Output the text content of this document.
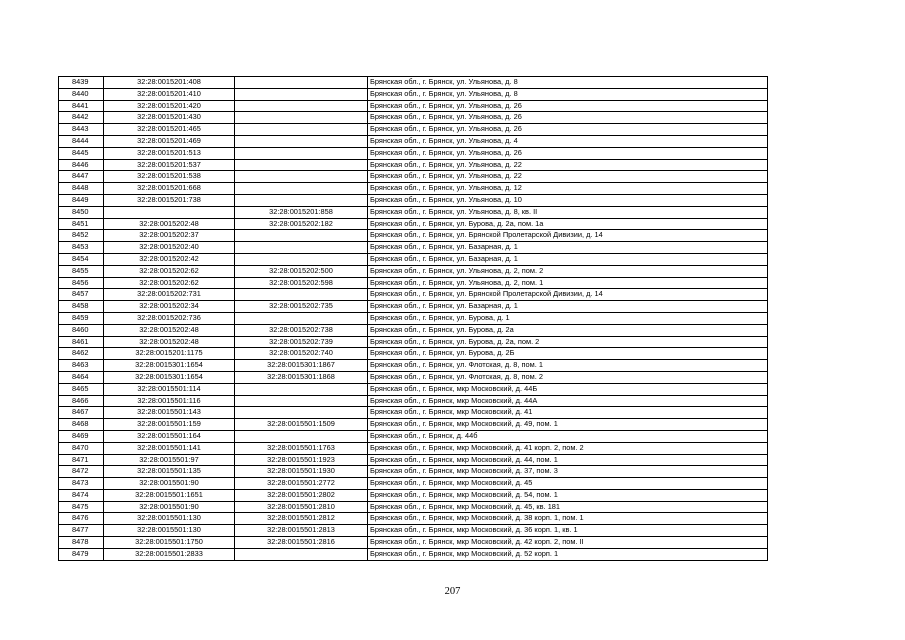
8439	32:28:0015201:408		Брянская обл., г. Брянск, ул. Ульянова, д. 8
8440	32:28:0015201:410		Брянская обл., г. Брянск, ул. Ульянова, д. 8
8441	32:28:0015201:420		Брянская обл., г. Брянск, ул. Ульянова, д. 26
8442	32:28:0015201:430		Брянская обл., г. Брянск, ул. Ульянова, д. 26
8443	32:28:0015201:465		Брянская обл., г. Брянск, ул. Ульянова, д. 26
8444	32:28:0015201:469		Брянская обл., г. Брянск, ул. Ульянова, д. 4
8445	32:28:0015201:513		Брянская обл., г. Брянск, ул. Ульянова, д. 26
8446	32:28:0015201:537		Брянская обл., г. Брянск, ул. Ульянова, д. 22
8447	32:28:0015201:538		Брянская обл., г. Брянск, ул. Ульянова, д. 22
8448	32:28:0015201:668		Брянская обл., г. Брянск, ул. Ульянова, д. 12
8449	32:28:0015201:738		Брянская обл., г. Брянск, ул. Ульянова, д. 10
8450		32:28:0015201:858	Брянская обл., г. Брянск, ул. Ульянова, д. 8, кв. II
8451	32:28:0015202:48	32:28:0015202:182	Брянская обл., г. Брянск, ул. Бурова, д. 2а, пом. 1а
8452	32:28:0015202:37		Брянская обл., г. Брянск, ул. Брянской Пролетарской Дивизии, д. 14
8453	32:28:0015202:40		Брянская обл., г. Брянск, ул. Базарная, д. 1
8454	32:28:0015202:42		Брянская обл., г. Брянск, ул. Базарная, д. 1
8455	32:28:0015202:62	32:28:0015202:500	Брянская обл., г. Брянск, ул. Ульянова, д. 2, пом. 2
8456	32:28:0015202:62	32:28:0015202:598	Брянская обл., г. Брянск, ул. Ульянова, д. 2, пом. 1
8457	32:28:0015202:731		Брянская обл., г. Брянск, ул. Брянской Пролетарской Дивизии, д. 14
8458	32:28:0015202:34	32:28:0015202:735	Брянская обл., г. Брянск, ул. Базарная, д. 1
8459	32:28:0015202:736		Брянская обл., г. Брянск, ул. Бурова, д. 1
8460	32:28:0015202:48	32:28:0015202:738	Брянская обл., г. Брянск, ул. Бурова, д. 2а
8461	32:28:0015202:48	32:28:0015202:739	Брянская обл., г. Брянск, ул. Бурова, д. 2а, пом. 2
8462	32:28:0015201:1175	32:28:0015202:740	Брянская обл., г. Брянск, ул. Бурова, д. 2Б
8463	32:28:0015301:1654	32:28:0015301:1867	Брянская обл., г. Брянск, ул. Флотская, д. 8, пом. 1
8464	32:28:0015301:1654	32:28:0015301:1868	Брянская обл., г. Брянск, ул. Флотская, д. 8, пом. 2
8465	32:28:0015501:114		Брянская обл., г. Брянск, мкр Московский, д. 44Б
8466	32:28:0015501:116		Брянская обл., г. Брянск, мкр Московский, д. 44А
8467	32:28:0015501:143		Брянская обл., г. Брянск, мкр Московский, д. 41
8468	32:28:0015501:159	32:28:0015501:1509	Брянская обл., г. Брянск, мкр Московский, д. 49, пом. 1
8469	32:28:0015501:164		Брянская обл., г. Брянск, д. 44б
8470	32:28:0015501:141	32:28:0015501:1763	Брянская обл., г. Брянск, мкр Московский, д. 41 корп. 2, пом. 2
8471	32:28:0015501:97	32:28:0015501:1923	Брянская обл., г. Брянск, мкр Московский, д. 44, пом. 1
8472	32:28:0015501:135	32:28:0015501:1930	Брянская обл., г. Брянск, мкр Московский, д. 37, пом. 3
8473	32:28:0015501:90	32:28:0015501:2772	Брянская обл., г. Брянск, мкр Московский, д. 45
8474	32:28:0015501:1651	32:28:0015501:2802	Брянская обл., г. Брянск, мкр Московский, д. 54, пом. 1
8475	32:28:0015501:90	32:28:0015501:2810	Брянская обл., г. Брянск, мкр Московский, д. 45, кв. 181
8476	32:28:0015501:130	32:28:0015501:2812	Брянская обл., г. Брянск, мкр Московский, д. 38 корп. 1, пом. 1
8477	32:28:0015501:130	32:28:0015501:2813	Брянская обл., г. Брянск, мкр Московский, д. 36 корп. 1, кв. 1
8478	32:28:0015501:1750	32:28:0015501:2816	Брянская обл., г. Брянск, мкр Московский, д. 42 корп. 2, пом. II
8479	32:28:0015501:2833		Брянская обл., г. Брянск, мкр Московский, д. 52 корп. 1
207
